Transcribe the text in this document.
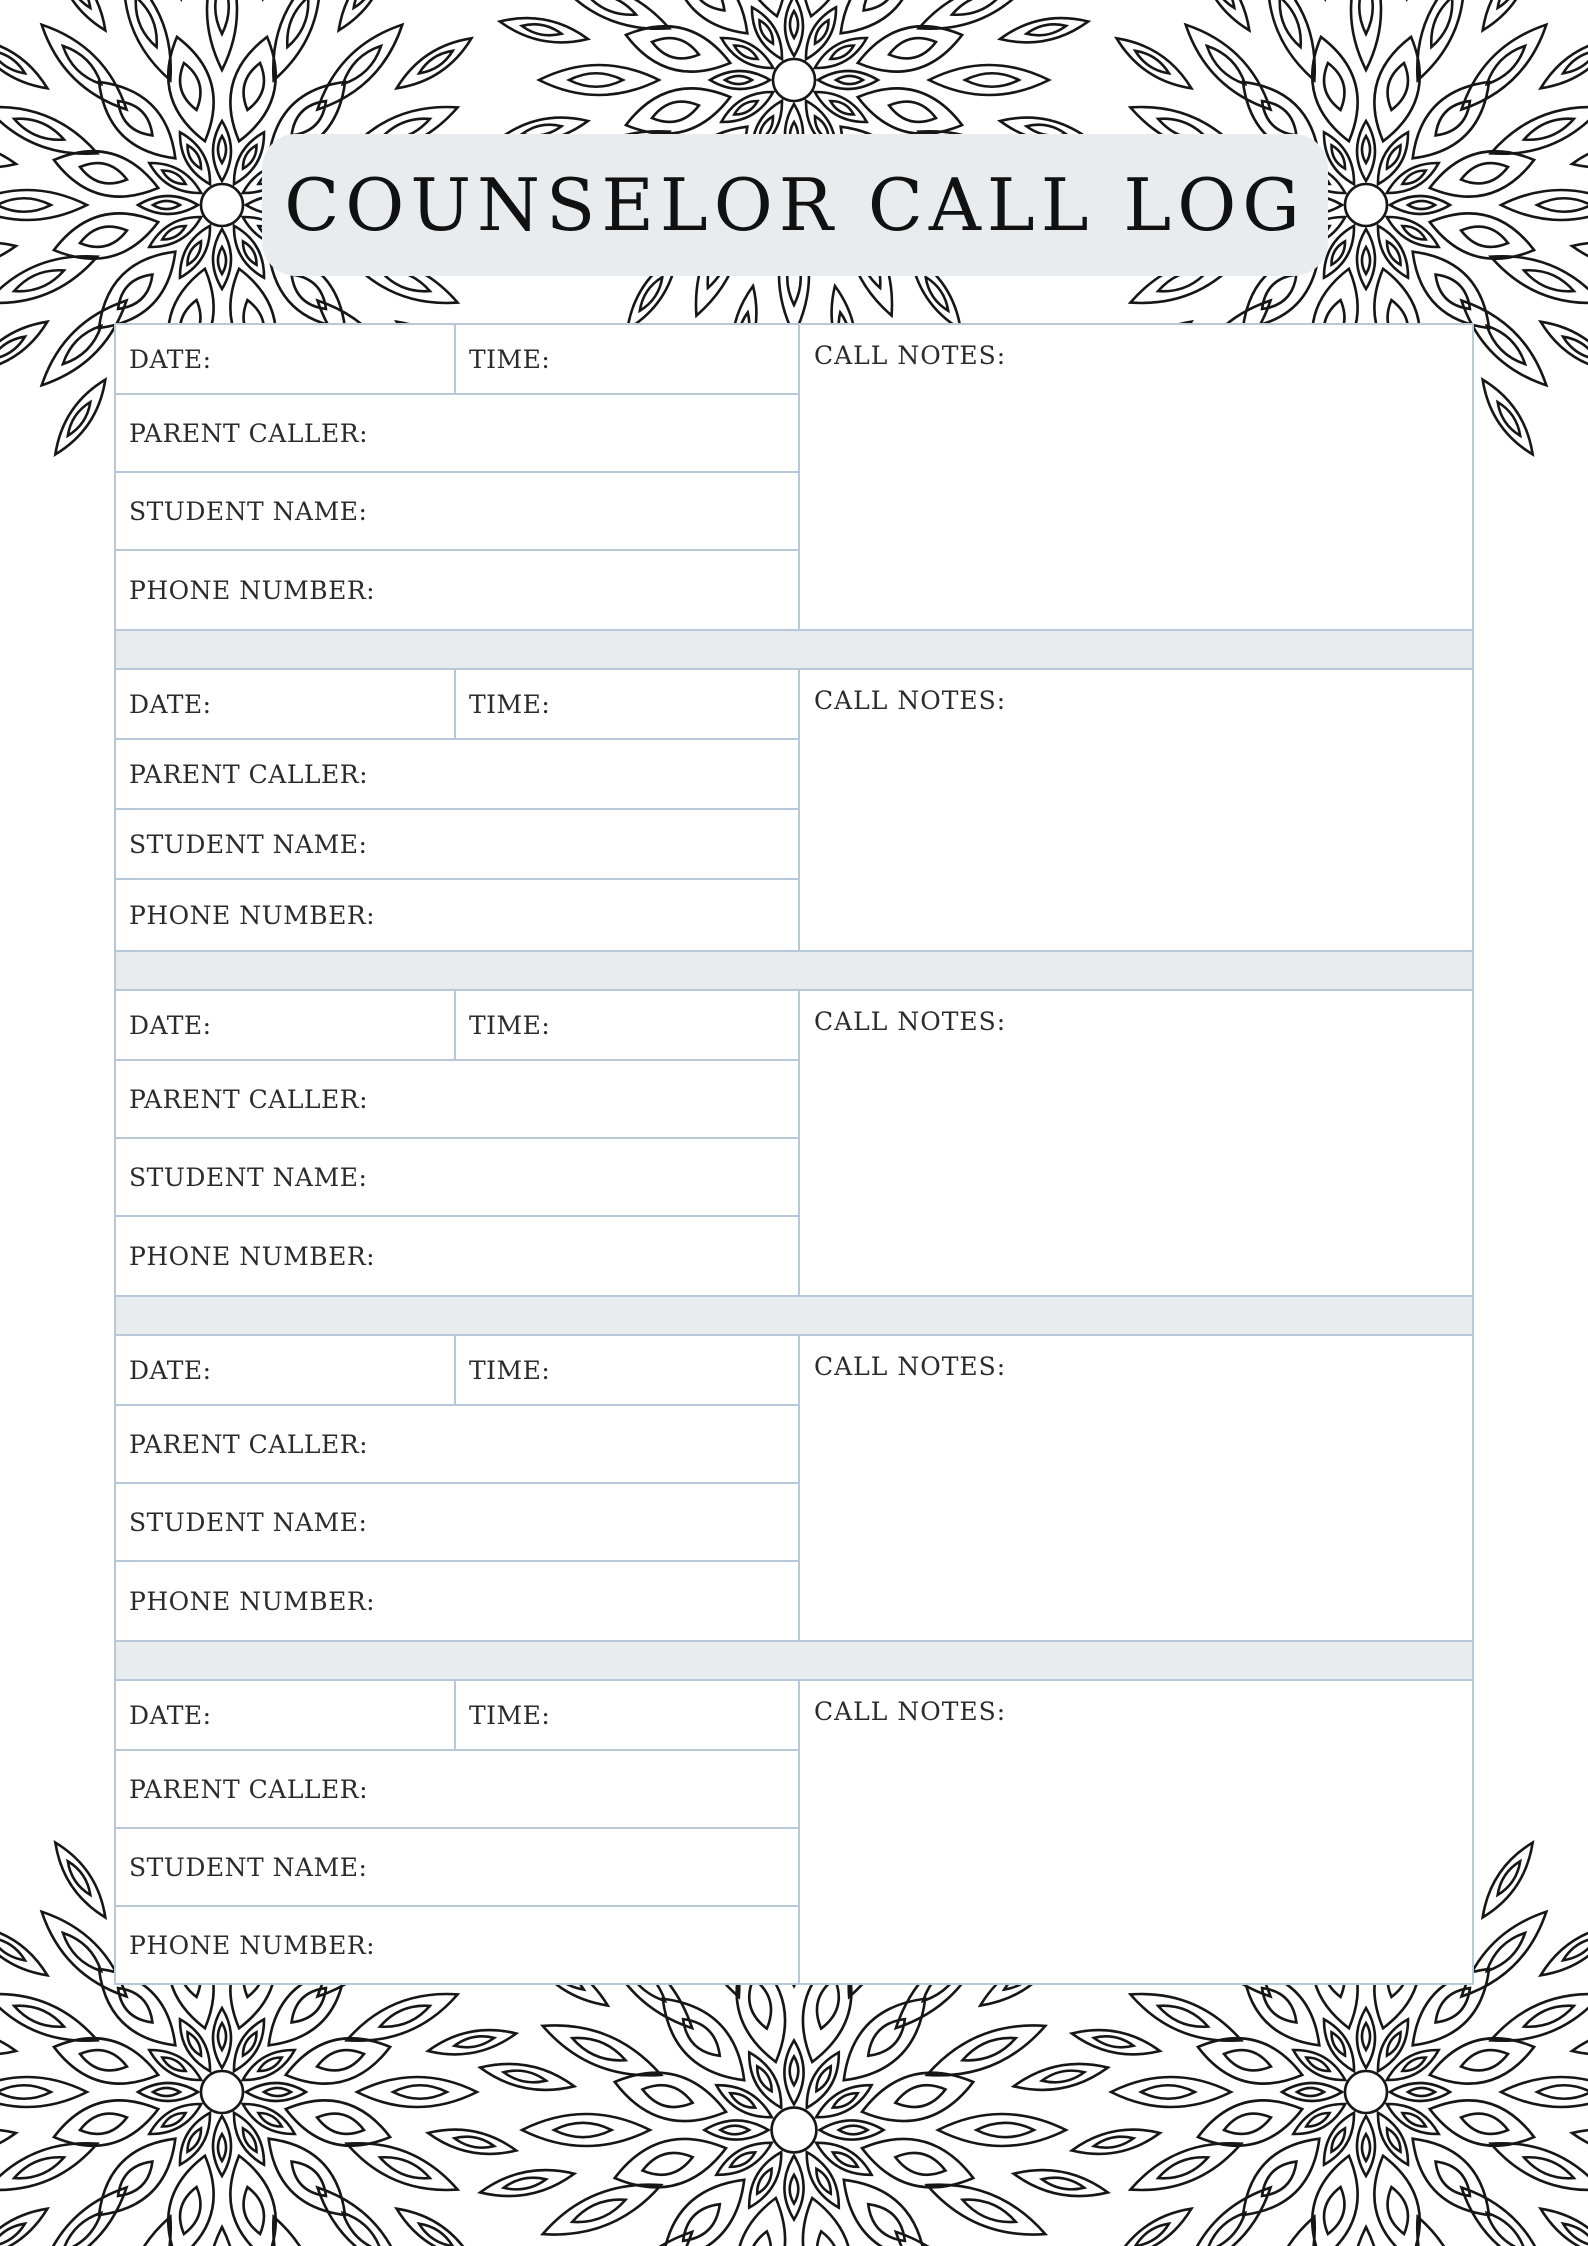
COUNSELOR CALL LOG
DATE:	TIME:
PARENT CALLER:
STUDENT NAME:
PHONE NUMBER:
CALL NOTES:
DATE:	TIME:
PARENT CALLER:
STUDENT NAME:
PHONE NUMBER:
CALL NOTES:
DATE:	TIME:
PARENT CALLER:
STUDENT NAME:
PHONE NUMBER:
CALL NOTES:
DATE:	TIME:
PARENT CALLER:
STUDENT NAME:
PHONE NUMBER:
CALL NOTES:
DATE:	TIME:
PARENT CALLER:
STUDENT NAME:
PHONE NUMBER:
CALL NOTES:
